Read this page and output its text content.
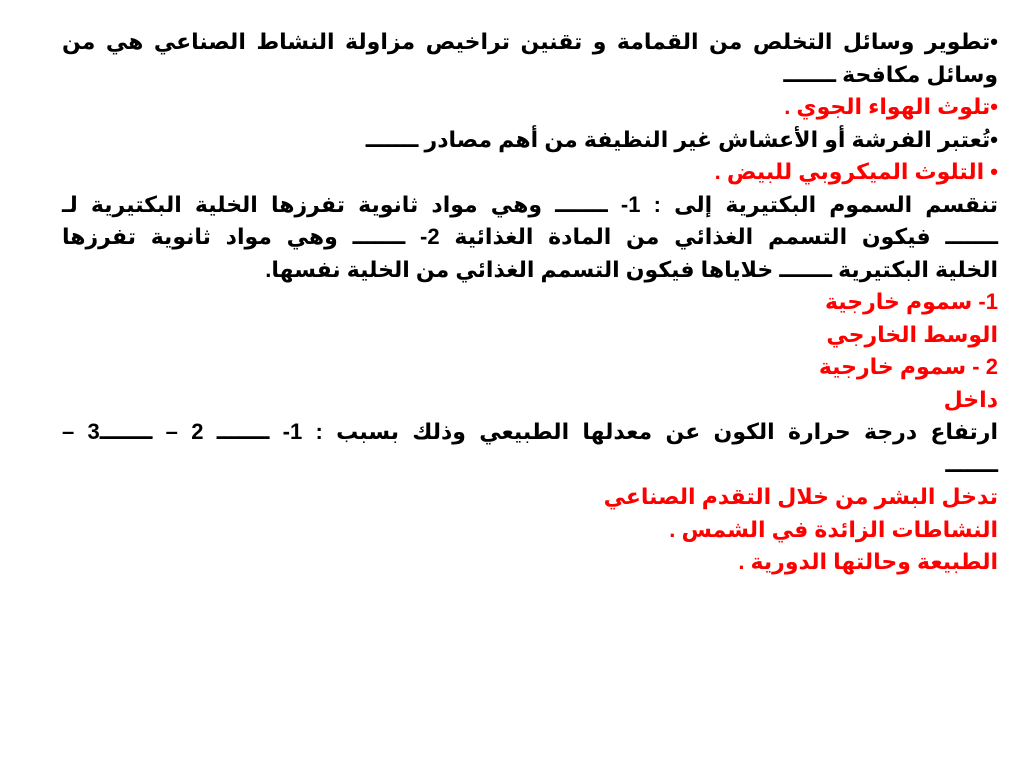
•تطوير وسائل التخلص من القمامة و تقنين تراخيص مزاولة النشاط الصناعي هي من
وسائل مكافحة ـــــــ
•تلوث الهواء الجوي .
•تُعتبر الفرشة أو الأعشاش غير النظيفة من أهم مصادر ـــــــ
• التلوث الميكروبي للبيض .
تنقسم السموم البكتيرية إلى : 1- ـــــــ وهي مواد ثانوية تفرزها الخلية البكتيرية لـ
ـــــــ فيكون التسمم الغذائي من المادة الغذائية 2- ـــــــ وهي مواد ثانوية تفرزها
الخلية البكتيرية ـــــــ خلاياها فيكون التسمم الغذائي من الخلية نفسها.
1- سموم خارجية
الوسط الخارجي
2 - سموم خارجية
داخل
ارتفاع درجة حرارة الكون عن معدلها الطبيعي وذلك بسبب : 1- ـــــــ 2 – ـــــــ3 –
ـــــــ
تدخل البشر من خلال التقدم الصناعي
النشاطات الزائدة في الشمس .
الطبيعة وحالتها الدورية .
